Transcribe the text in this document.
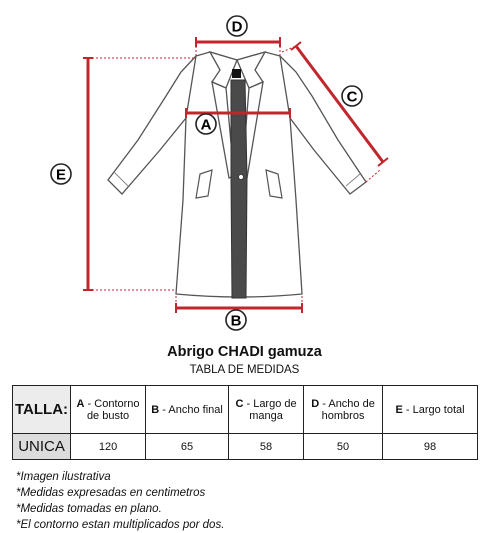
D
A
E
B
C
Abrigo CHADI gamuza
TABLA DE MEDIDAS
TALLA:	A - Contorno de busto	B - Ancho final	C - Largo de manga	D - Ancho de hombros	E - Largo total
UNICA	120	65	58	50	98
*Imagen ilustrativa
*Medidas expresadas en centimetros
*Medidas tomadas en plano.
*El contorno estan multiplicados por dos.
